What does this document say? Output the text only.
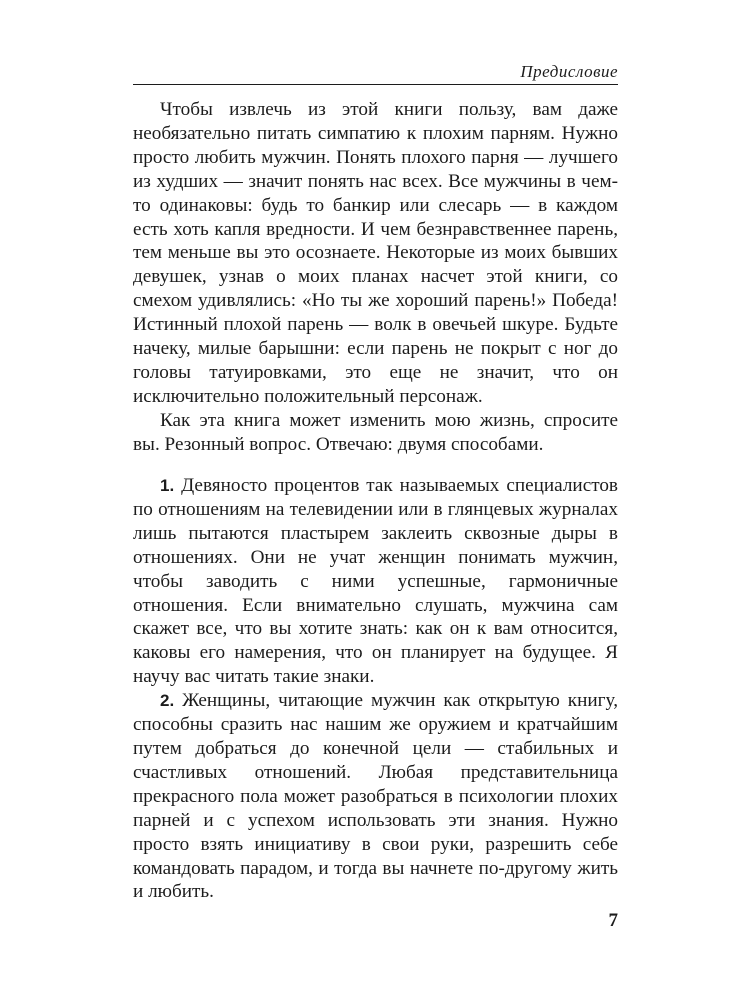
Предисловие

Чтобы извлечь из этой книги пользу, вам даже необязательно питать симпатию к плохим парням. Нужно просто любить мужчин. Понять плохого парня — лучшего из худших — значит понять нас всех. Все мужчины в чем-то одинаковы: будь то банкир или слесарь — в каждом есть хоть капля вредности. И чем безнравственнее парень, тем меньше вы это осознаете. Некоторые из моих бывших девушек, узнав о моих планах насчет этой книги, со смехом удивлялись: «Но ты же хороший парень!» Победа! Истинный плохой парень — волк в овечьей шкуре. Будьте начеку, милые барышни: если парень не покрыт с ног до головы татуировками, это еще не значит, что он исключительно положительный персонаж.

Как эта книга может изменить мою жизнь, спросите вы. Резонный вопрос. Отвечаю: двумя способами.

1. Девяносто процентов так называемых специалистов по отношениям на телевидении или в глянцевых журналах лишь пытаются пластырем заклеить сквозные дыры в отношениях. Они не учат женщин понимать мужчин, чтобы заводить с ними успешные, гармоничные отношения. Если внимательно слушать, мужчина сам скажет все, что вы хотите знать: как он к вам относится, каковы его намерения, что он планирует на будущее. Я научу вас читать такие знаки.

2. Женщины, читающие мужчин как открытую книгу, способны сразить нас нашим же оружием и кратчайшим путем добраться до конечной цели — стабильных и счастливых отношений. Любая представительница прекрасного пола может разобраться в психологии плохих парней и с успехом использовать эти знания. Нужно просто взять инициативу в свои руки, разрешить себе командовать парадом, и тогда вы начнете по-другому жить и любить.

7
